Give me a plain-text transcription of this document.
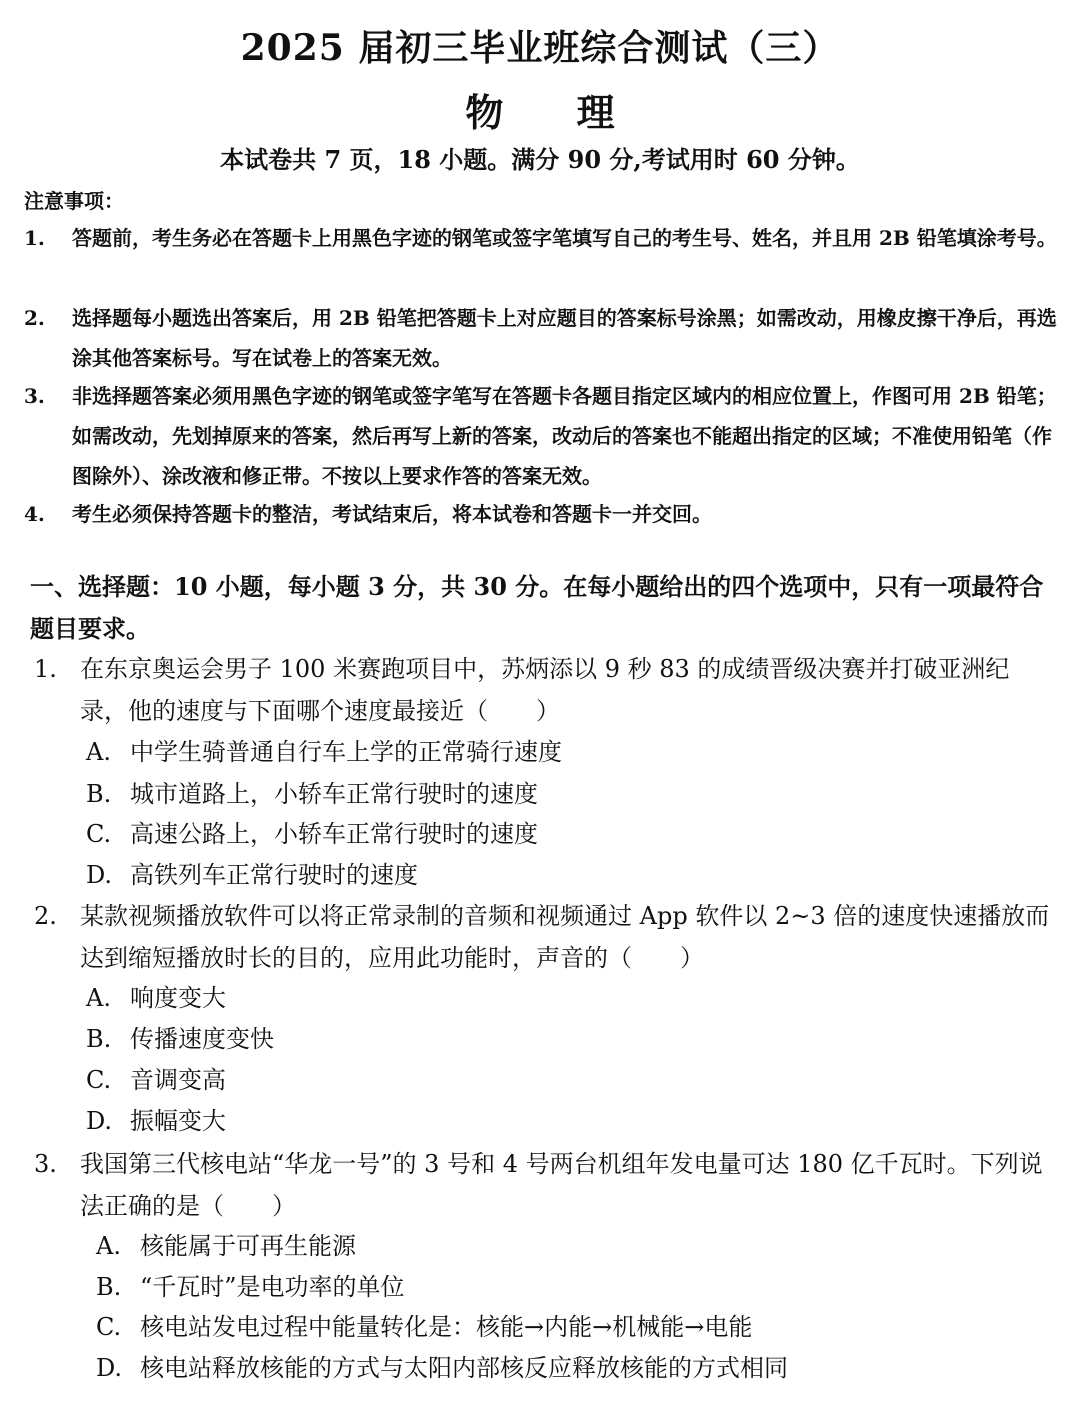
2025 届初三毕业班综合测试（三）
物 理
本试卷共 7 页，18 小题。满分 90 分,考试用时 60 分钟。
注意事项：
1.	答题前，考生务必在答题卡上用黑色字迹的钢笔或签字笔填写自己的考生号、姓名，并且用 2B 铅笔填涂考号。
2.	选择题每小题选出答案后，用 2B 铅笔把答题卡上对应题目的答案标号涂黑；如需改动，用橡皮擦干净后，再选涂其他答案标号。写在试卷上的答案无效。
3.	非选择题答案必须用黑色字迹的钢笔或签字笔写在答题卡各题目指定区域内的相应位置上，作图可用 2B 铅笔；如需改动，先划掉原来的答案，然后再写上新的答案，改动后的答案也不能超出指定的区域；不准使用铅笔（作图除外）、涂改液和修正带。不按以上要求作答的答案无效。
4.	考生必须保持答题卡的整洁，考试结束后，将本试卷和答题卡一并交回。
一、选择题：10 小题，每小题 3 分，共 30 分。在每小题给出的四个选项中，只有一项最符合题目要求。
1. 在东京奥运会男子 100 米赛跑项目中，苏炳添以 9 秒 83 的成绩晋级决赛并打破亚洲纪录，他的速度与下面哪个速度最接近（　　）
A. 中学生骑普通自行车上学的正常骑行速度
B. 城市道路上，小轿车正常行驶时的速度
C. 高速公路上，小轿车正常行驶时的速度
D. 高铁列车正常行驶时的速度
2. 某款视频播放软件可以将正常录制的音频和视频通过 App 软件以 2~3 倍的速度快速播放而达到缩短播放时长的目的，应用此功能时，声音的（　　）
A. 响度变大
B. 传播速度变快
C. 音调变高
D. 振幅变大
3. 我国第三代核电站“华龙一号”的 3 号和 4 号两台机组年发电量可达 180 亿千瓦时。下列说法正确的是（　　）
A. 核能属于可再生能源
B. “千瓦时”是电功率的单位
C. 核电站发电过程中能量转化是：核能→内能→机械能→电能
D. 核电站释放核能的方式与太阳内部核反应释放核能的方式相同
